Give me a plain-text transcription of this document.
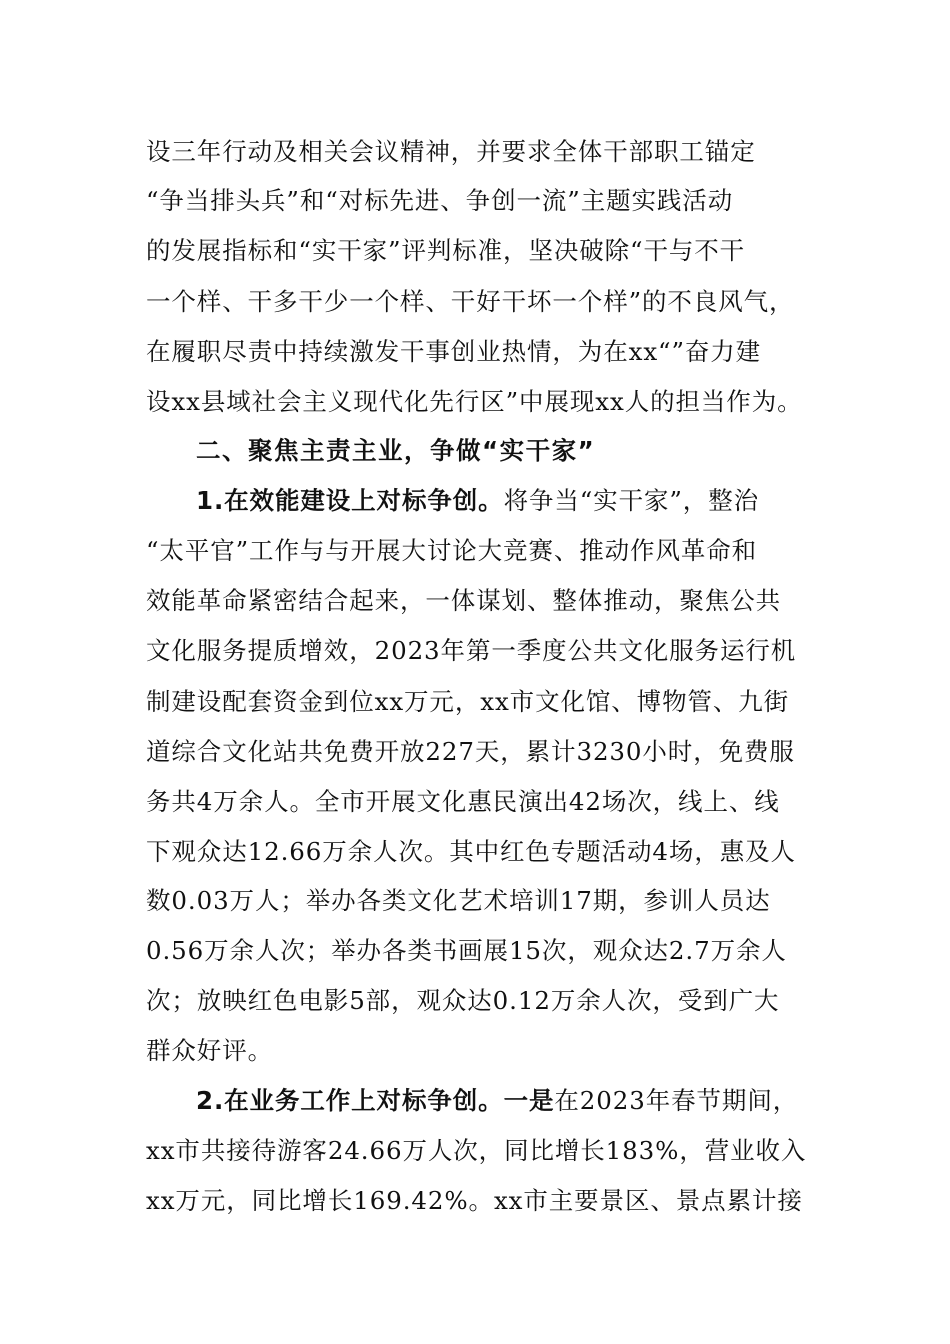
设三年行动及相关会议精神，并要求全体干部职工锚定

“争当排头兵”和“对标先进、争创一流”主题实践活动

的发展指标和“实干家”评判标准，坚决破除“干与不干

一个样、干多干少一个样、干好干坏一个样”的不良风气，

在履职尽责中持续激发干事创业热情，为在xx“”奋力建

设xx县域社会主义现代化先行区”中展现xx人的担当作为。

二、聚焦主责主业，争做“实干家”

1.在效能建设上对标争创。将争当“实干家”，整治

“太平官”工作与与开展大讨论大竞赛、推动作风革命和

效能革命紧密结合起来，一体谋划、整体推动，聚焦公共

文化服务提质增效，2023年第一季度公共文化服务运行机

制建设配套资金到位xx万元，xx市文化馆、博物管、九街

道综合文化站共免费开放227天，累计3230小时，免费服

务共4万余人。全市开展文化惠民演出42场次，线上、线

下观众达12.66万余人次。其中红色专题活动4场，惠及人

数0.03万人；举办各类文化艺术培训17期，参训人员达

0.56万余人次；举办各类书画展15次，观众达2.7万余人

次；放映红色电影5部，观众达0.12万余人次，受到广大

群众好评。

2.在业务工作上对标争创。一是在2023年春节期间，

xx市共接待游客24.66万人次，同比增长183%，营业收入

xx万元，同比增长169.42%。xx市主要景区、景点累计接
